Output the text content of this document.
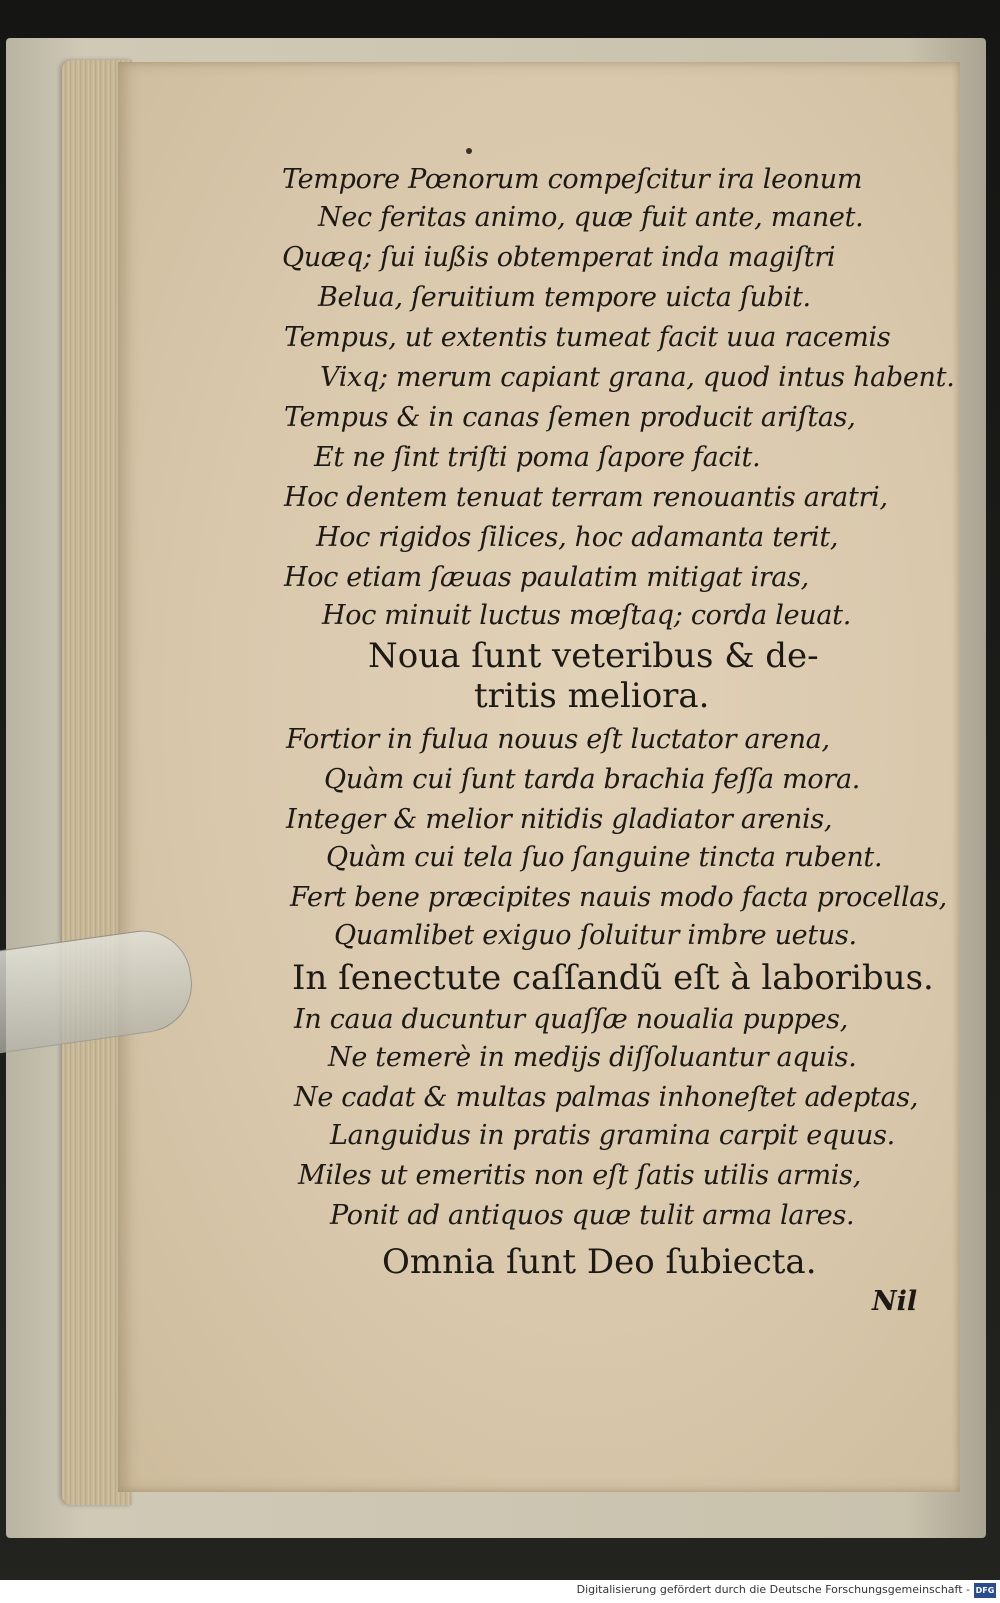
Tempore Pœnorum compeſcitur ira leonum
Nec feritas animo, quæ fuit ante, manet.
Quæq; ſui iußis obtemperat inda magiſtri
Belua, ſeruitium tempore uicta ſubit.
Tempus, ut extentis tumeat facit uua racemis
Vixq; merum capiant grana, quod intus habent.
Tempus & in canas ſemen producit ariſtas,
Et ne ſint triſti poma ſapore facit.
Hoc dentem tenuat terram renouantis aratri,
Hoc rigidos ſilices, hoc adamanta terit,
Hoc etiam ſæuas paulatim mitigat iras,
Hoc minuit luctus mœſtaq; corda leuat.
Noua ſunt veteribus & de-
tritis meliora.
Fortior in fulua nouus eſt luctator arena,
Quàm cui ſunt tarda brachia feſſa mora.
Integer & melior nitidis gladiator arenis,
Quàm cui tela ſuo ſanguine tincta rubent.
Fert bene præcipites nauis modo facta procellas,
Quamlibet exiguo ſoluitur imbre uetus.
In ſenectute caſſandũ eſt à laboribus.
In caua ducuntur quaſſæ noualia puppes,
Ne temerè in medijs diſſoluantur aquis.
Ne cadat & multas palmas inhoneſtet adeptas,
Languidus in pratis gramina carpit equus.
Miles ut emeritis non eſt ſatis utilis armis,
Ponit ad antiquos quæ tulit arma lares.
Omnia ſunt Deo ſubiecta.
Nil
Digitalisierung gefördert durch die Deutsche Forschungsgemeinschaft - DFG
